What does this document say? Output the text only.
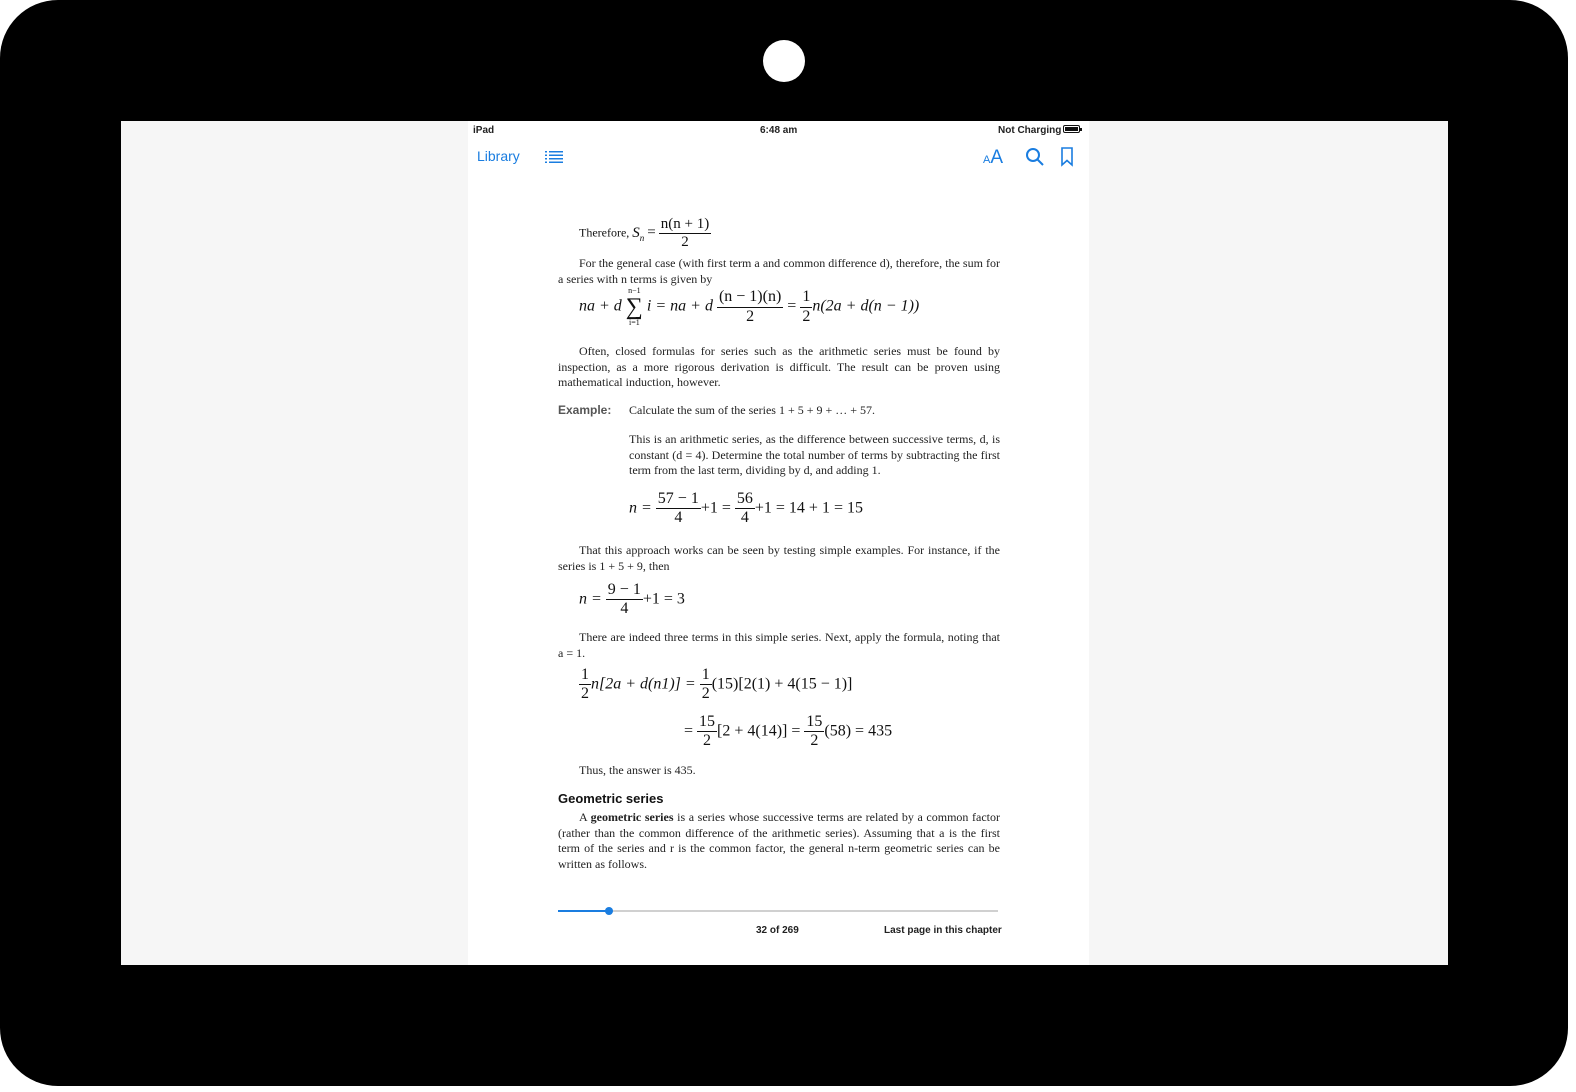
iPad	6:48 am	Not Charging
Library	AA
Therefore, $S_n = \frac{n(n + 1)}{2}$

For the general case (with first term a and common difference d), therefore, the sum for a series with n terms is given by

na + d
n−1
∑
i=1
i = na + d $\frac{(n - 1)(n)}{2} = \frac{1}{2} n(2a + d(n - 1))$

Often, closed formulas for series such as the arithmetic series must be found by inspection, as a more rigorous derivation is difficult. The result can be proven using mathematical induction, however.

Example: Calculate the sum of the series 1 + 5 + 9 + … + 57.

This is an arithmetic series, as the difference between successive terms, d, is constant (d = 4). Determine the total number of terms by subtracting the first term from the last term, dividing by d, and adding 1.

$n = \frac{57 - 1}{4} +1 = \frac{56}{4} +1 = 14 + 1 = 15$

That this approach works can be seen by testing simple examples. For instance, if the series is 1 + 5 + 9, then

$n = \frac{9 - 1}{4} +1 = 3$

There are indeed three terms in this simple series. Next, apply the formula, noting that a = 1.

$\frac{1}{2} n[2a + d(n1)] = \frac{1}{2} (15)[2(1) + 4(15 - 1)]$
= $\frac{15}{2} [2 + 4(14)] = \frac{15}{2} (58) = 435$

Thus, the answer is 435.

Geometric series

A geometric series is a series whose successive terms are related by a common factor (rather than the common difference of the arithmetic series). Assuming that a is the first term of the series and r is the common factor, the general n-term geometric series can be written as follows.

32 of 269	Last page in this chapter
